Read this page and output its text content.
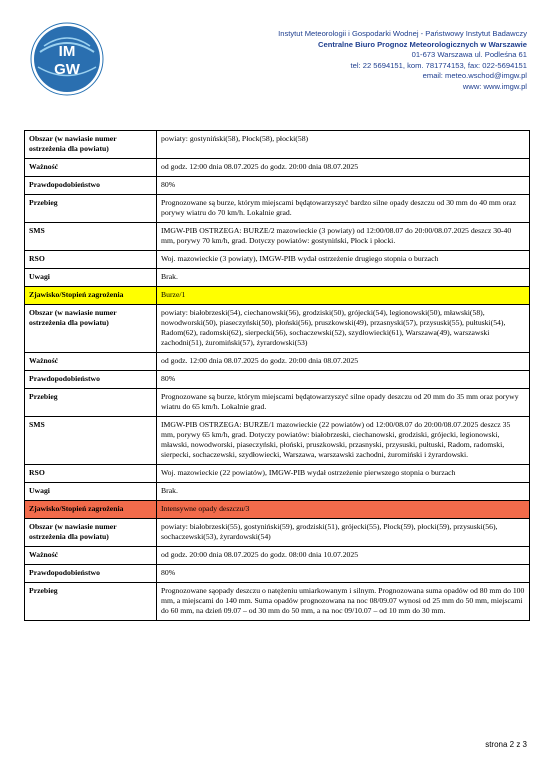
IM
GW
Instytut Meteorologii i Gospodarki Wodnej - Państwowy Instytut Badawczy
Centralne Biuro Prognoz Meteorologicznych w Warszawie
01-673 Warszawa ul. Podleśna 61
tel: 22 5694151, kom. 781774153, fax: 022-5694151
email: meteo.wschod@imgw.pl
www: www.imgw.pl
Obszar (w nawiasie numer ostrzeżenia dla powiatu)	powiaty: gostyniński(58), Płock(58), płocki(58)
Ważność	od godz. 12:00 dnia 08.07.2025 do godz. 20:00 dnia 08.07.2025
Prawdopodobieństwo	80%
Przebieg	Prognozowane są burze, którym miejscami będątowarzyszyć bardzo silne opady deszczu od 30 mm do 40 mm oraz porywy wiatru do 70 km/h. Lokalnie grad.
SMS	IMGW-PIB OSTRZEGA: BURZE/2 mazowieckie (3 powiaty) od 12:00/08.07 do 20:00/08.07.2025 deszcz 30-40 mm, porywy 70 km/h, grad. Dotyczy powiatów: gostyniński, Płock i płocki.
RSO	Woj. mazowieckie (3 powiaty), IMGW-PIB wydał ostrzeżenie drugiego stopnia o burzach
Uwagi	Brak.
Zjawisko/Stopień zagrożenia	Burze/1
Obszar (w nawiasie numer ostrzeżenia dla powiatu)	powiaty: białobrzeski(54), ciechanowski(56), grodziski(50), grójecki(54), legionowski(50), mławski(58), nowodworski(50), piaseczyński(50), płoński(56), pruszkowski(49), przasnyski(57), przysuski(55), pułtuski(54), Radom(62), radomski(62), sierpecki(56), sochaczewski(52), szydłowiecki(61), Warszawa(49), warszawski zachodni(51), żuromiński(57), żyrardowski(53)
Ważność	od godz. 12:00 dnia 08.07.2025 do godz. 20:00 dnia 08.07.2025
Prawdopodobieństwo	80%
Przebieg	Prognozowane są burze, którym miejscami będątowarzyszyć silne opady deszczu od 20 mm do 35 mm oraz porywy wiatru do 65 km/h. Lokalnie grad.
SMS	IMGW-PIB OSTRZEGA: BURZE/1 mazowieckie (22 powiatów) od 12:00/08.07 do 20:00/08.07.2025 deszcz 35 mm, porywy 65 km/h, grad. Dotyczy powiatów: białobrzeski, ciechanowski, grodziski, grójecki, legionowski, mławski, nowodworski, piaseczyński, płoński, pruszkowski, przasnyski, przysuski, pułtuski, Radom, radomski, sierpecki, sochaczewski, szydłowiecki, Warszawa, warszawski zachodni, żuromiński i żyrardowski.
RSO	Woj. mazowieckie (22 powiatów), IMGW-PIB wydał ostrzeżenie pierwszego stopnia o burzach
Uwagi	Brak.
Zjawisko/Stopień zagrożenia	Intensywne opady deszczu/3
Obszar (w nawiasie numer ostrzeżenia dla powiatu)	powiaty: białobrzeski(55), gostyniński(59), grodziski(51), grójecki(55), Płock(59), płocki(59), przysuski(56), sochaczewski(53), żyrardowski(54)
Ważność	od godz. 20:00 dnia 08.07.2025 do godz. 08:00 dnia 10.07.2025
Prawdopodobieństwo	80%
Przebieg	Prognozowane sąopady deszczu o natężeniu umiarkowanym i silnym. Prognozowana suma opadów od 80 mm do 100 mm, a miejscami do 140 mm. Suma opadów prognozowana na noc 08/09.07 wynosi od 25 mm do 50 mm, miejscami do 60 mm, na dzień 09.07 – od 30 mm do 50 mm, a na noc 09/10.07 – od 10 mm do 30 mm.
strona 2 z 3
